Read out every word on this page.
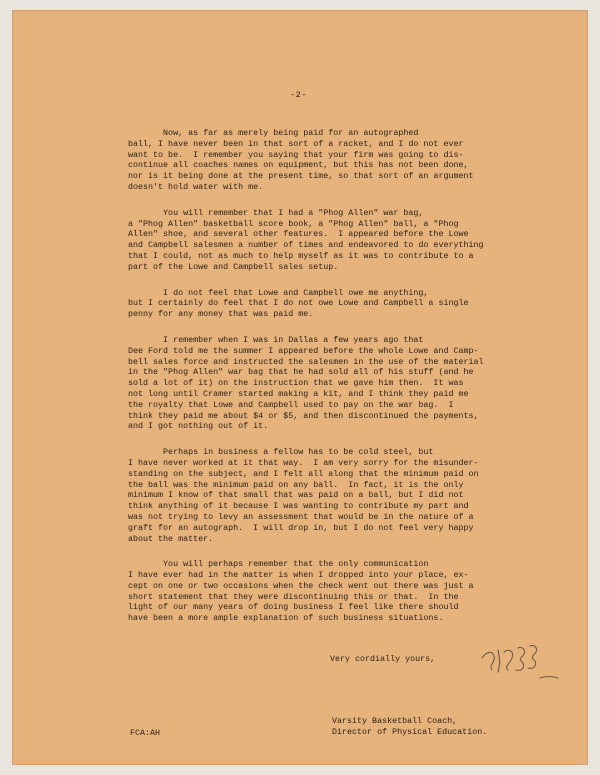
-2-
Now, as far as merely being paid for an autographed
ball, I have never been in that sort of a racket, and I do not ever
want to be.  I remember you saying that your firm was going to dis-
continue all coaches names on equipment, but this has not been done,
nor is it being done at the present time, so that sort of an argument
doesn't hold water with me.
You will remember that I had a "Phog Allen" war bag,
a "Phog Allen" basketball score book, a "Phog Allen" ball, a "Phog
Allen" shoe, and several other features.  I appeared before the Lowe
and Campbell salesmen a number of times and endeavored to do everything
that I could, not as much to help myself as it was to contribute to a
part of the Lowe and Campbell sales setup.
I do not feel that Lowe and Campbell owe me anything,
but I certainly do feel that I do not owe Lowe and Campbell a single
penny for any money that was paid me.
I remember when I was in Dallas a few years ago that
Dee Ford told me the summer I appeared before the whole Lowe and Camp-
bell sales force and instructed the salesmen in the use of the material
in the "Phog Allen" war bag that he had sold all of his stuff (and he
sold a lot of it) on the instruction that we gave him then.  It was
not long until Cramer started making a kit, and I think they paid me
the royalty that Lowe and Campbell used to pay on the war bag.  I
think they paid me about $4 or $5, and then discontinued the payments,
and I got nothing out of it.
Perhaps in business a fellow has to be cold steel, but
I have never worked at it that way.  I am very sorry for the misunder-
standing on the subject, and I felt all along that the minimum paid on
the ball was the minimum paid on any ball.  In fact, it is the only
minimum I know of that small that was paid on a ball, but I did not
think anything of it because I was wanting to contribute my part and
was not trying to levy an assessment that would be in the nature of a
graft for an autograph.  I will drop in, but I do not feel very happy
about the matter.
You will perhaps remember that the only communication
I have ever had in the matter is when I dropped into your place, ex-
cept on one or two occasions when the check went out there was just a
short statement that they were discontinuing this or that.  In the
light of our many years of doing business I feel like there should
have been a more ample explanation of such business situations.
Very cordially yours,
Varsity Basketball Coach,
Director of Physical Education.
FCA:AH
